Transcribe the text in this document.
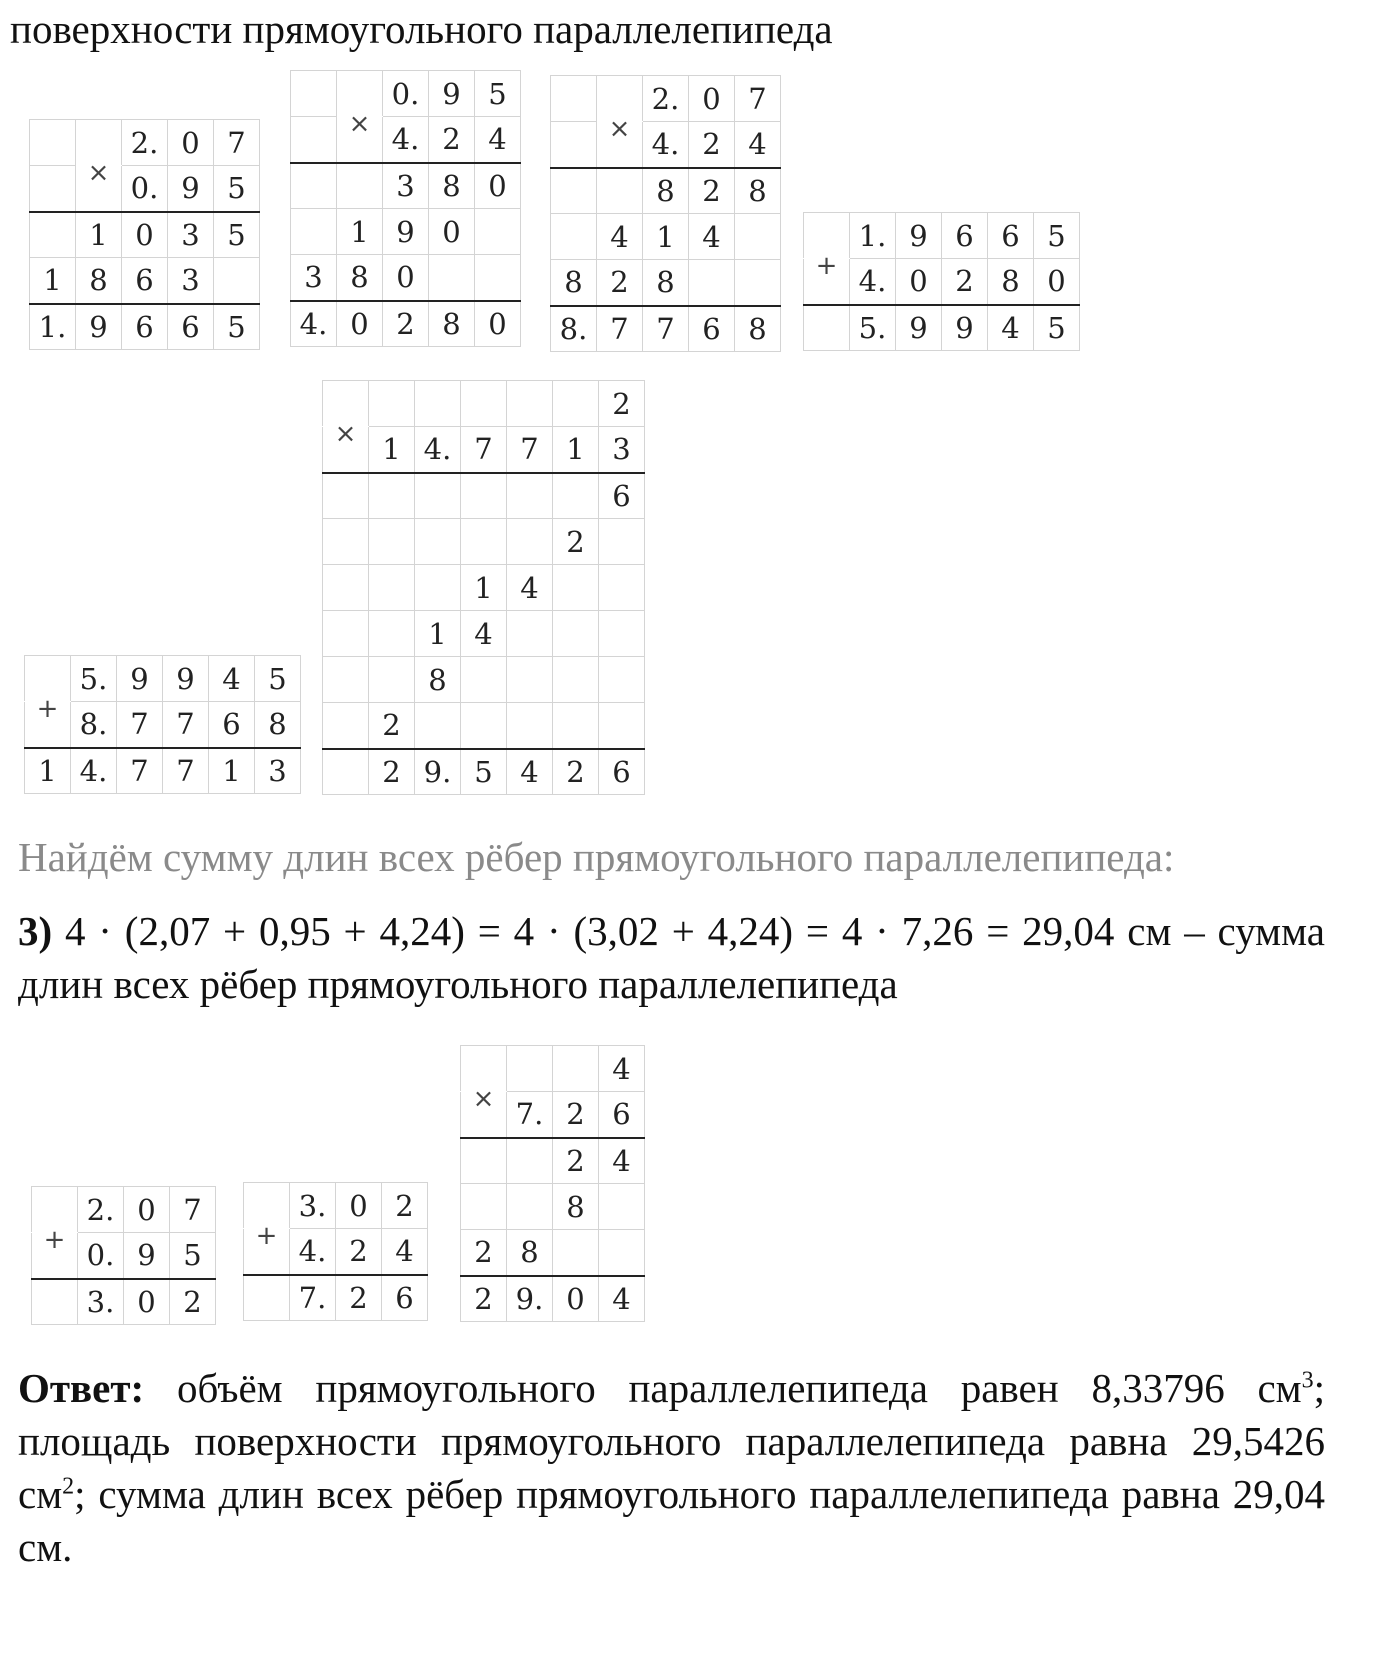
поверхности прямоугольного параллелепипеда
	×	2.	0	7
		0.	9	5
	1	0	3	5
1	8	6	3	
1.	9	6	6	5
	×	0.	9	5
		4.	2	4
		3	8	0
	1	9	0	
3	8	0		
4.	0	2	8	0
	×	2.	0	7
		4.	2	4
		8	2	8
	4	1	4	
8	2	8		
8.	7	7	6	8
+	1.	9	6	6	5
	4.	0	2	8	0
	5.	9	9	4	5
×						2
	1	4.	7	7	1	3
						6
					2	
			1	4		
		1	4			
		8				
	2					
	2	9.	5	4	2	6
+	5.	9	9	4	5
	8.	7	7	6	8
1	4.	7	7	1	3
Найдём сумму длин всех рёбер прямоугольного параллелепипеда:
3) 4 · (2,07 + 0,95 + 4,24) = 4 · (3,02 + 4,24) = 4 · 7,26 = 29,04 см – сумма
длин всех рёбер прямоугольного параллелепипеда
+	2.	0	7
	0.	9	5
	3.	0	2
+	3.	0	2
	4.	2	4
	7.	2	6
×			4
	7.	2	6
		2	4
		8	
2	8		
2	9.	0	4
Ответ: объём прямоугольного параллелепипеда равен 8,33796 $см^3$; площадь поверхности прямоугольного параллелепипеда равна 29,5426 $см^2$; сумма длин всех рёбер прямоугольного параллелепипеда равна 29,04 см.
